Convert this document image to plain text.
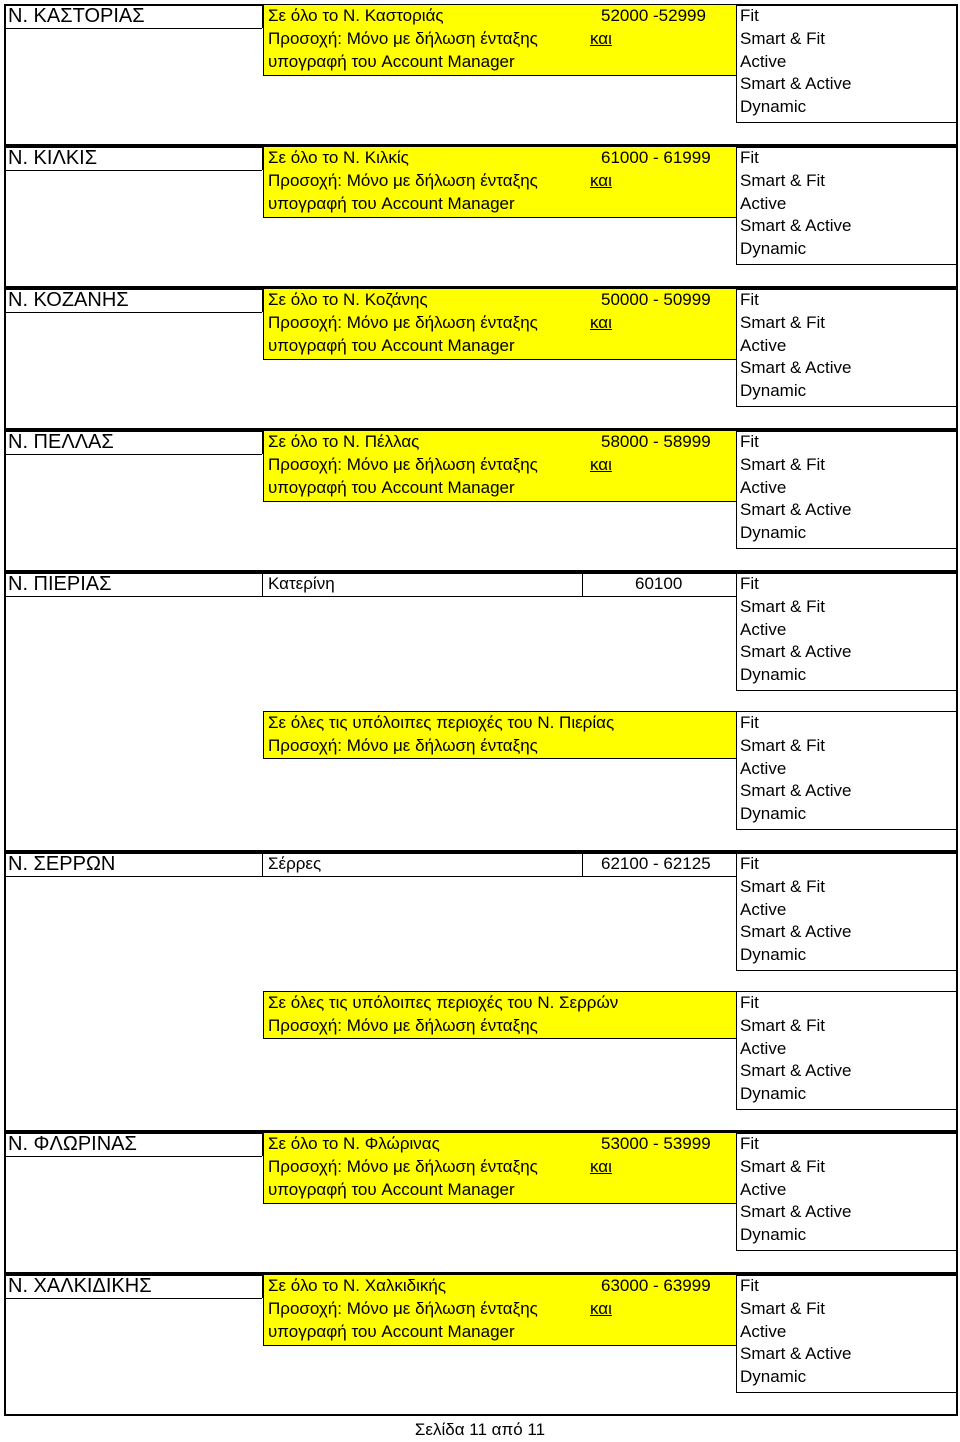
Ν. ΚΑΣΤΟΡΙΑΣ	Σε όλο το Ν. Καστοριάς	52000 -52999
Προσοχή: Μόνο με δήλωση ένταξης	και
υπογραφή του Account Manager
Fit
Smart & Fit
Active
Smart & Active
Dynamic
Ν. ΚΙΛΚΙΣ	Σε όλο το Ν. Κιλκίς	61000 - 61999
Προσοχή: Μόνο με δήλωση ένταξης	και
υπογραφή του Account Manager
Fit
Smart & Fit
Active
Smart & Active
Dynamic
Ν. ΚΟΖΑΝΗΣ	Σε όλο το Ν. Κοζάνης	50000 - 50999
Προσοχή: Μόνο με δήλωση ένταξης	και
υπογραφή του Account Manager
Fit
Smart & Fit
Active
Smart & Active
Dynamic
Ν. ΠΕΛΛΑΣ	Σε όλο το Ν. Πέλλας	58000 - 58999
Προσοχή: Μόνο με δήλωση ένταξης	και
υπογραφή του Account Manager
Fit
Smart & Fit
Active
Smart & Active
Dynamic
Ν. ΠΙΕΡΙΑΣ	Κατερίνη	60100	Fit
Smart & Fit
Active
Smart & Active
Dynamic
Σε όλες τις υπόλοιπες περιοχές του Ν. Πιερίας
Προσοχή: Μόνο με δήλωση ένταξης
Fit
Smart & Fit
Active
Smart & Active
Dynamic
Ν. ΣΕΡΡΩΝ	Σέρρες	62100 - 62125 Fit
Smart & Fit
Active
Smart & Active
Dynamic
Σε όλες τις υπόλοιπες περιοχές του Ν. Σερρών
Προσοχή: Μόνο με δήλωση ένταξης
Fit
Smart & Fit
Active
Smart & Active
Dynamic
Ν. ΦΛΩΡΙΝΑΣ	Σε όλο το Ν. Φλώρινας	53000 - 53999
Προσοχή: Μόνο με δήλωση ένταξης	και
υπογραφή του Account Manager
Fit
Smart & Fit
Active
Smart & Active
Dynamic
Ν. ΧΑΛΚΙΔΙΚΗΣ	Σε όλο το Ν. Χαλκιδικής	63000 - 63999
Προσοχή: Μόνο με δήλωση ένταξης	και
υπογραφή του Account Manager
Fit
Smart & Fit
Active
Smart & Active
Dynamic
Σελίδα 11 από 11
